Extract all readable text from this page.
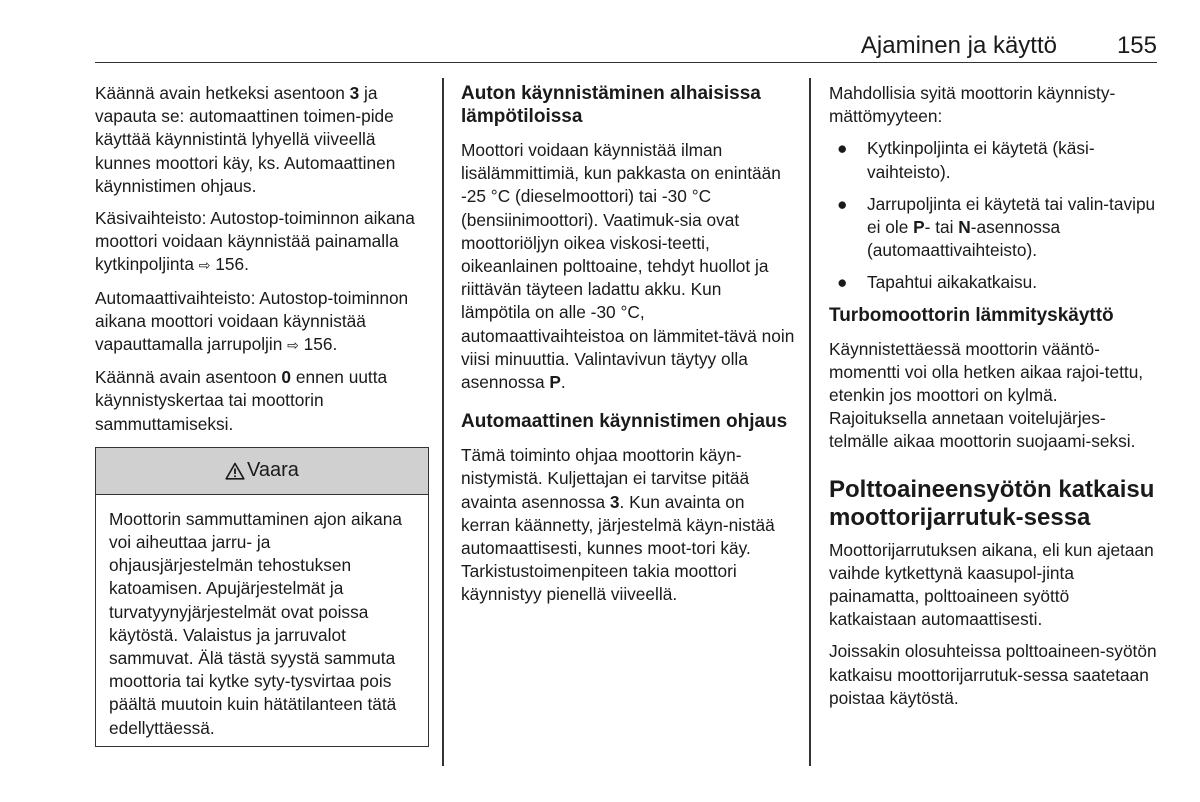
Ajaminen ja käyttö 155

Käännä avain hetkeksi asentoon 3 ja vapauta se: automaattinen toimen-pide käyttää käynnistintä lyhyellä viiveellä kunnes moottori käy, ks. Automaattinen käynnistimen ohjaus.

Käsivaihteisto: Autostop-toiminnon aikana moottori voidaan käynnistää painamalla kytkinpoljinta ⇨ 156.

Automaattivaihteisto: Autostop-toiminnon aikana moottori voidaan käynnistää vapauttamalla jarrupoljin ⇨ 156.

Käännä avain asentoon 0 ennen uutta käynnistyskertaa tai moottorin sammuttamiseksi.

Vaara

Moottorin sammuttaminen ajon aikana voi aiheuttaa jarru- ja ohjausjärjestelmän tehostuksen katoamisen. Apujärjestelmät ja turvatyynyjärjestelmät ovat poissa käytöstä. Valaistus ja jarruvalot sammuvat. Älä tästä syystä sammuta moottoria tai kytke syty-tysvirtaa pois päältä muutoin kuin hätätilanteen tätä edellyttäessä.

Auton käynnistäminen alhaisissa lämpötiloissa

Moottori voidaan käynnistää ilman lisälämmittimiä, kun pakkasta on enintään -25 °C (dieselmoottori) tai -30 °C (bensiinimoottori). Vaatimuk-sia ovat moottoriöljyn oikea viskosi-teetti, oikeanlainen polttoaine, tehdyt huollot ja riittävän täyteen ladattu akku. Kun lämpötila on alle -30 °C, automaattivaihteistoa on lämmitet-tävä noin viisi minuuttia. Valintavivun täytyy olla asennossa P.

Automaattinen käynnistimen ohjaus

Tämä toiminto ohjaa moottorin käyn-nistymistä. Kuljettajan ei tarvitse pitää avainta asennossa 3. Kun avainta on kerran käännetty, järjestelmä käyn-nistää automaattisesti, kunnes moot-tori käy. Tarkistustoimenpiteen takia moottori käynnistyy pienellä viiveellä.

Mahdollisia syitä moottorin käynnisty-mättömyyteen:

● Kytkinpoljinta ei käytetä (käsi-vaihteisto).
● Jarrupoljinta ei käytetä tai valin-tavipu ei ole P- tai N-asennossa (automaattivaihteisto).
● Tapahtui aikakatkaisu.
Turbomoottorin lämmityskäyttö

Käynnistettäessä moottorin vääntö-momentti voi olla hetken aikaa rajoi-tettu, etenkin jos moottori on kylmä. Rajoituksella annetaan voitelujärjes-telmälle aikaa moottorin suojaami-seksi.

Polttoaineensyötön katkaisu moottorijarrutuk-sessa

Moottorijarrutuksen aikana, eli kun ajetaan vaihde kytkettynä kaasupol-jinta painamatta, polttoaineen syöttö katkaistaan automaattisesti.

Joissakin olosuhteissa polttoaineen-syötön katkaisu moottorijarrutuk-sessa saatetaan poistaa käytöstä.
